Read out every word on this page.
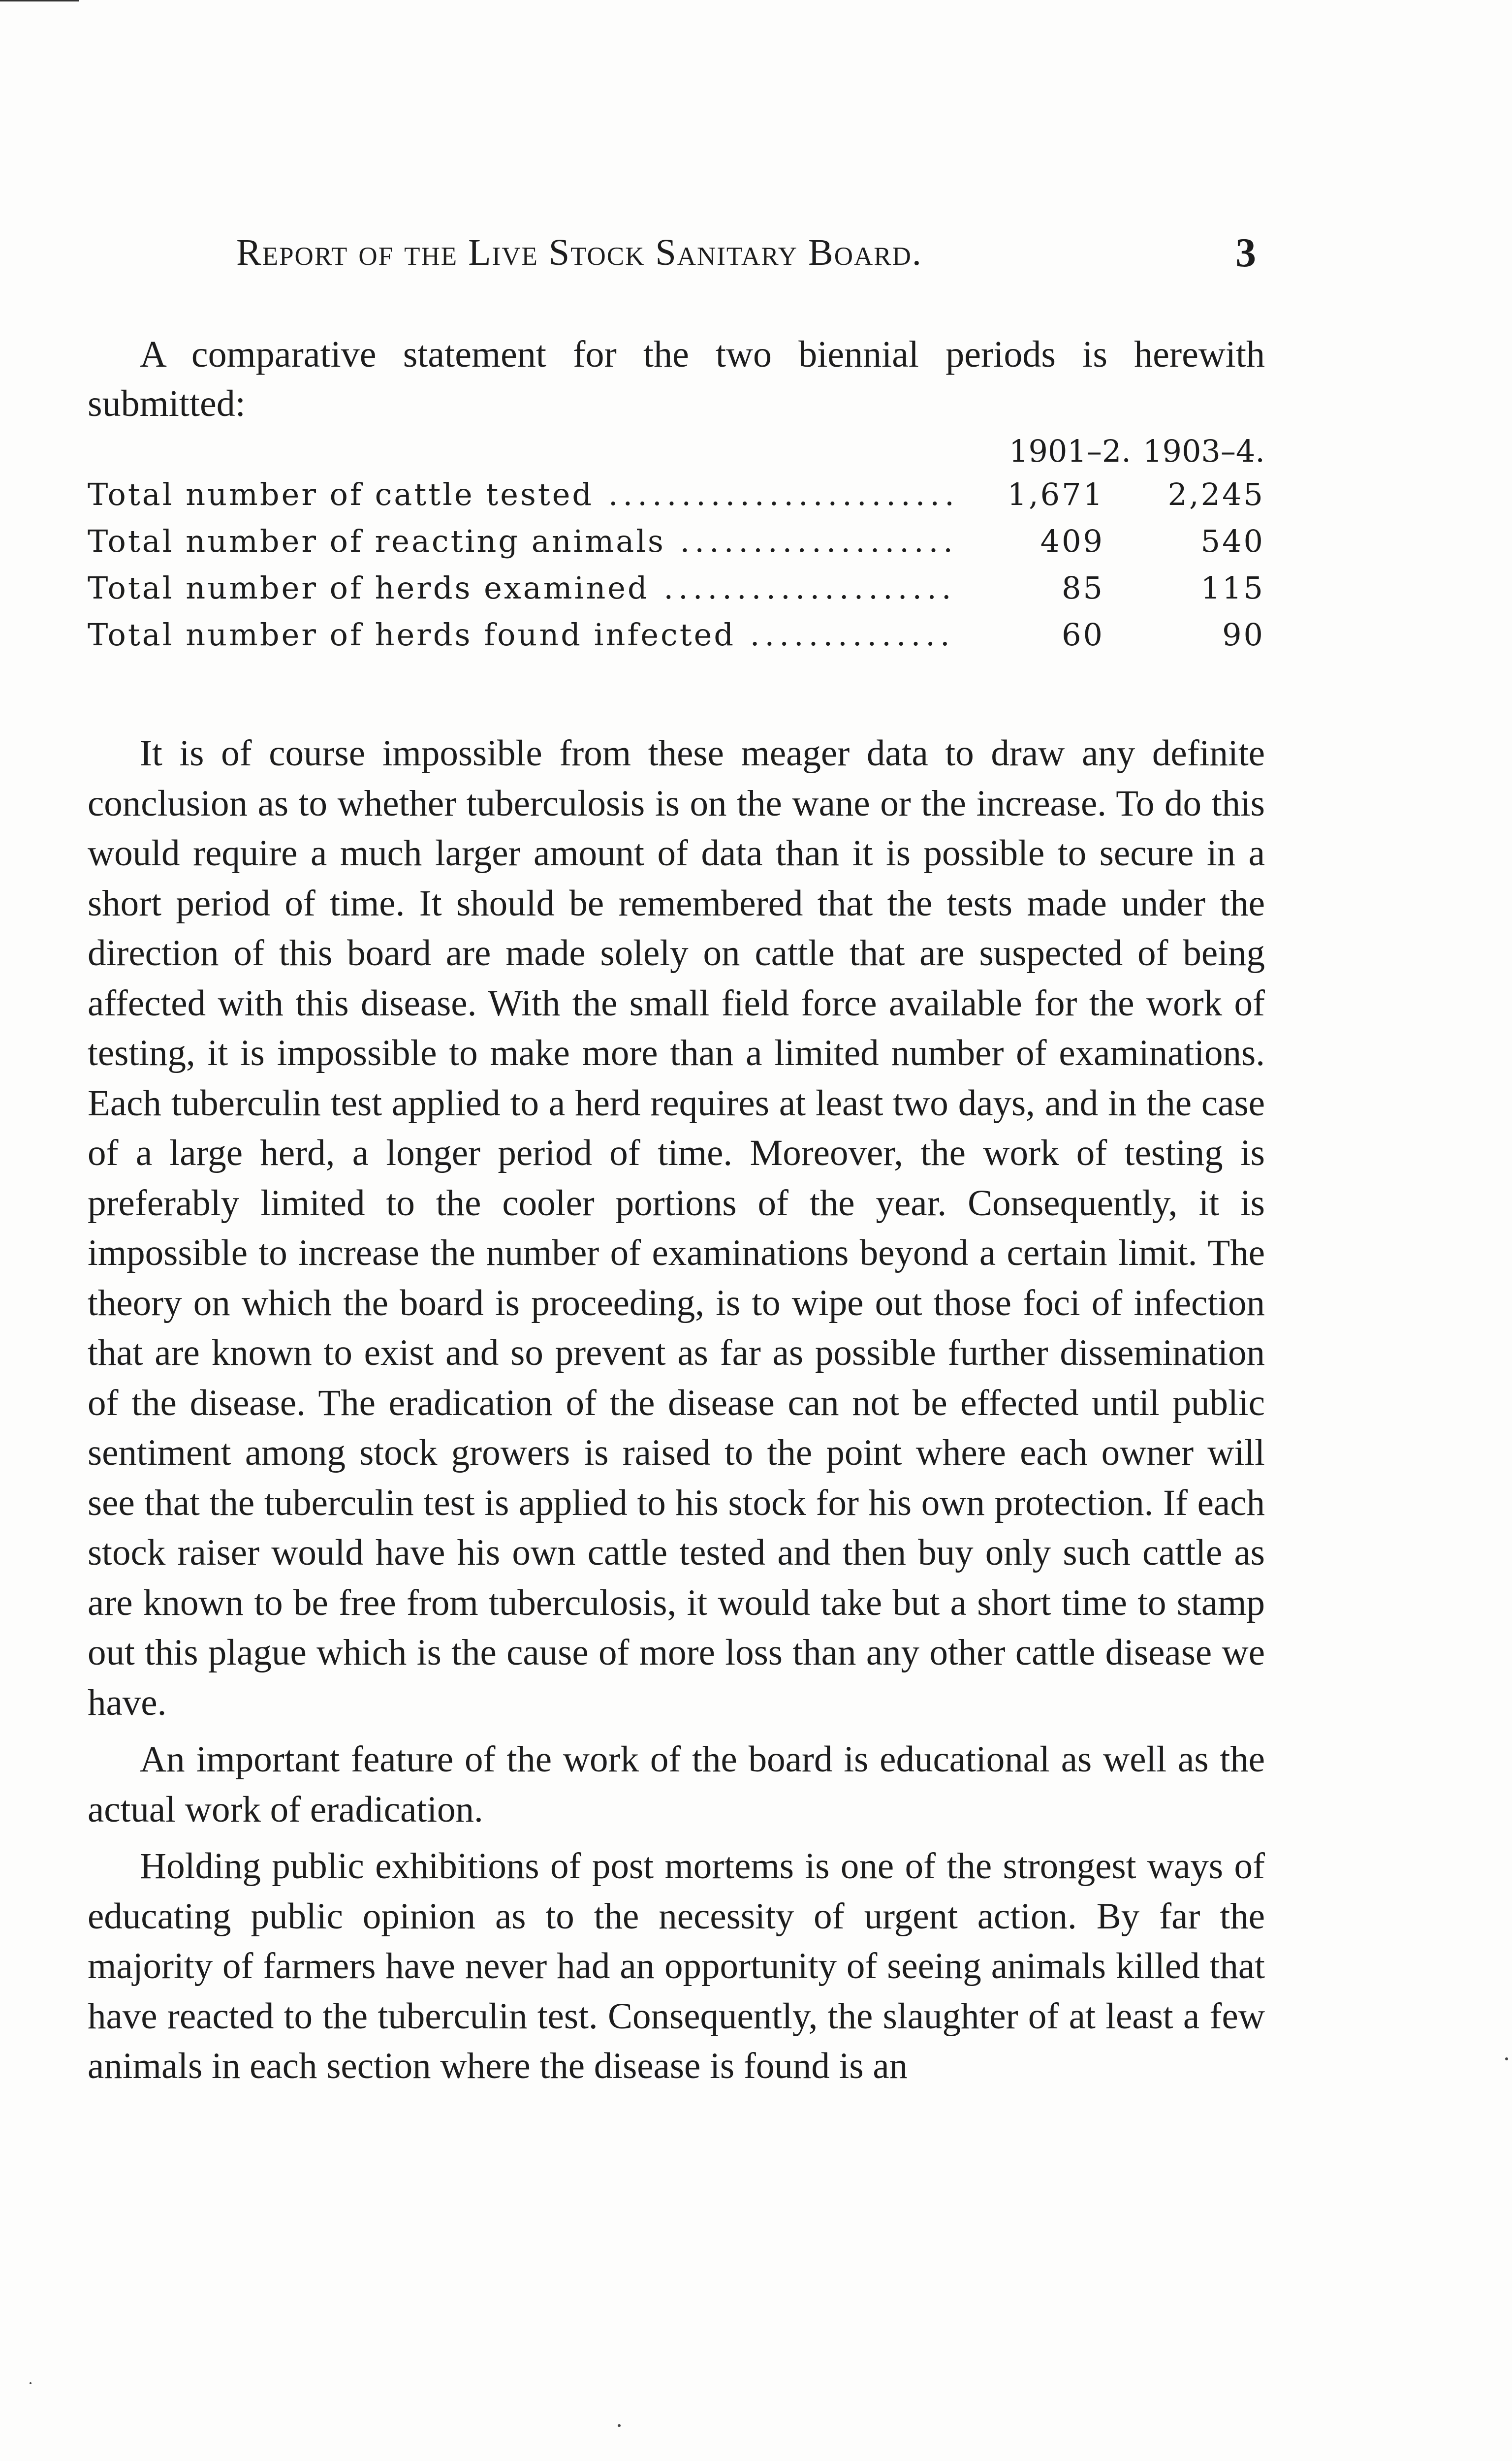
Report of the Live Stock Sanitary Board.	3

A comparative statement for the two biennial periods is herewith submitted:

1901–2. 1903–4.
Total number of cattle tested .....	1,671 2,245
Total number of reacting animals .....	409	540
Total number of herds examined .....	85	115
Total number of herds found infected .....	60	90

It is of course impossible from these meager data to draw any definite conclusion as to whether tuberculosis is on the wane or the increase. To do this would require a much larger amount of data than it is possible to secure in a short period of time. It should be remembered that the tests made under the direction of this board are made solely on cattle that are suspected of being affected with this disease. With the small field force available for the work of testing, it is impossible to make more than a limited number of examinations. Each tuberculin test applied to a herd requires at least two days, and in the case of a large herd, a longer period of time. Moreover, the work of testing is preferably limited to the cooler portions of the year. Consequently, it is impossible to increase the number of examinations beyond a certain limit. The theory on which the board is proceeding, is to wipe out those foci of infection that are known to exist and so prevent as far as possible further dissemination of the disease. The eradication of the disease can not be effected until public sentiment among stock growers is raised to the point where each owner will see that the tuberculin test is applied to his stock for his own protection. If each stock raiser would have his own cattle tested and then buy only such cattle as are known to be free from tuberculosis, it would take but a short time to stamp out this plague which is the cause of more loss than any other cattle disease we have.

An important feature of the work of the board is educational as well as the actual work of eradication.

Holding public exhibitions of post mortems is one of the strongest ways of educating public opinion as to the necessity of urgent action. By far the majority of farmers have never had an opportunity of seeing animals killed that have reacted to the tuberculin test. Consequently, the slaughter of at least a few animals in each section where the disease is found is an
